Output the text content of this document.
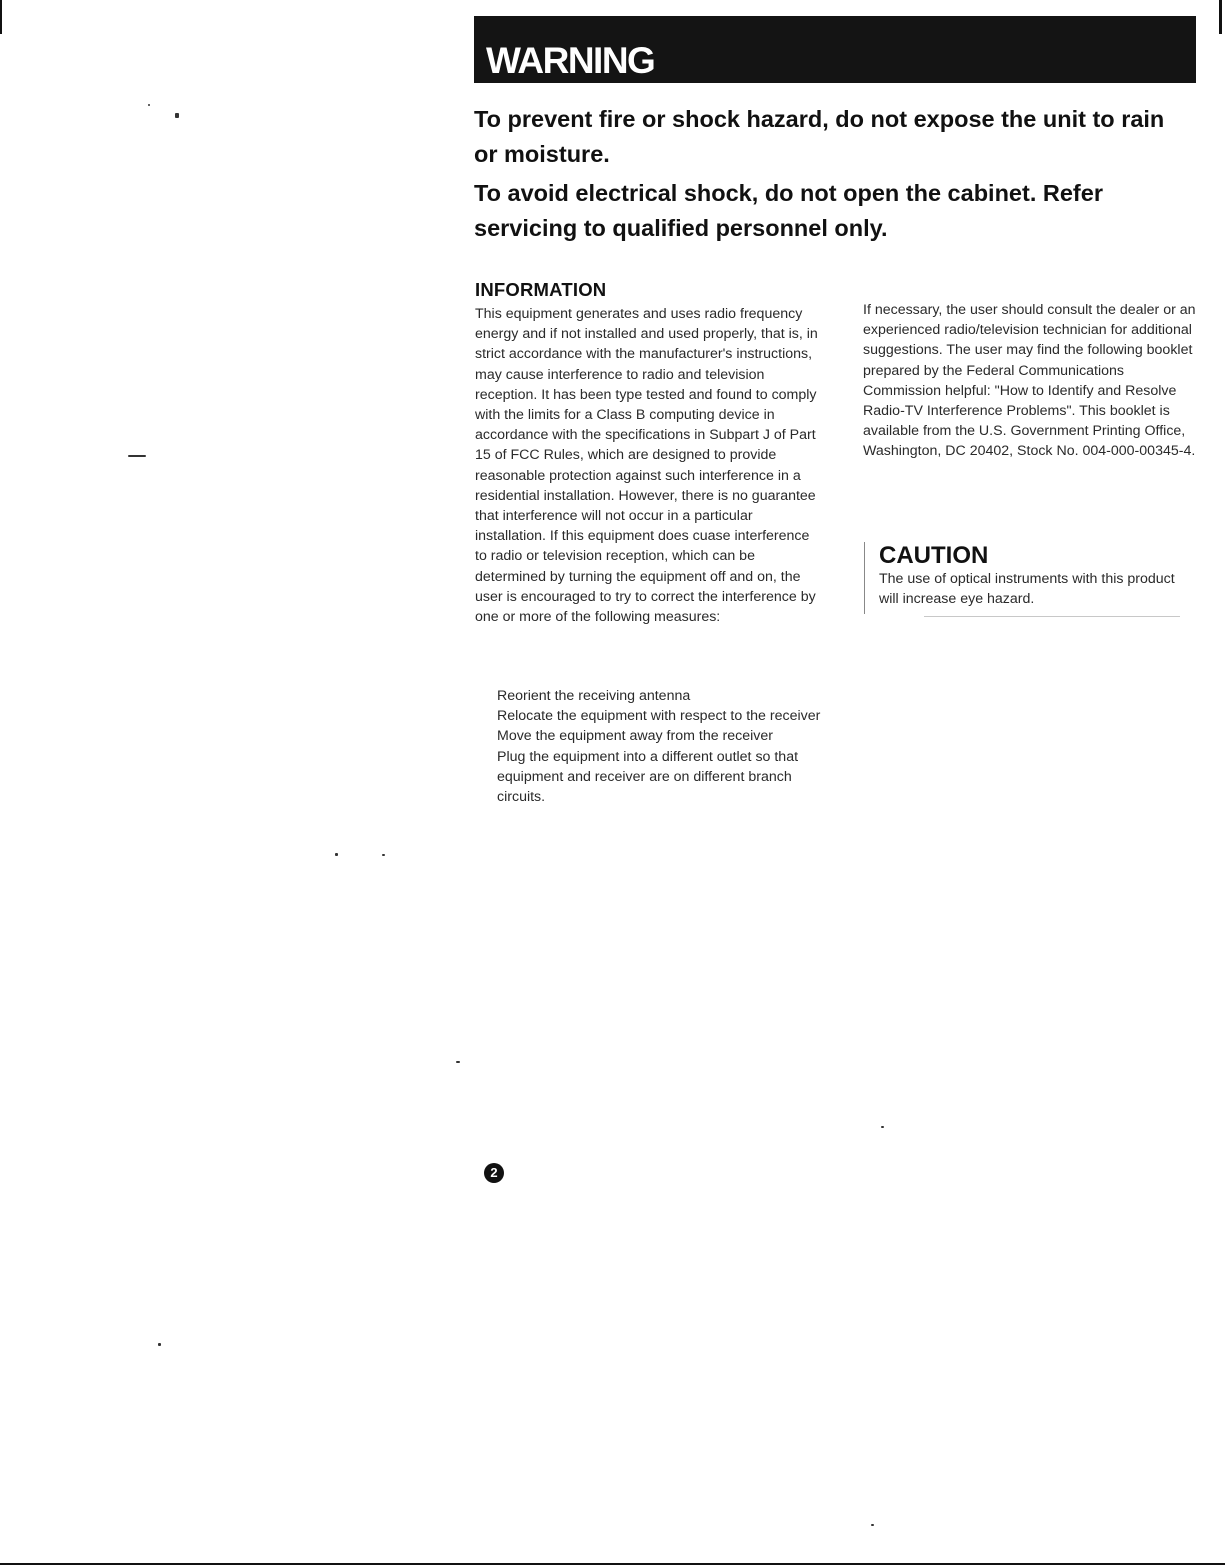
WARNING

To prevent fire or shock hazard, do not expose the unit to rain or moisture.

To avoid electrical shock, do not open the cabinet. Refer servicing to qualified personnel only.

INFORMATION

This equipment generates and uses radio frequency energy and if not installed and used properly, that is, in strict accordance with the manufacturer's instructions, may cause interference to radio and television reception. It has been type tested and found to comply with the limits for a Class B computing device in accordance with the specifications in Subpart J of Part 15 of FCC Rules, which are designed to provide reasonable protection against such interference in a residential installation. However, there is no guarantee that interference will not occur in a particular installation. If this equipment does cuase interference to radio or television reception, which can be determined by turning the equipment off and on, the user is encouraged to try to correct the interference by one or more of the following measures:

Reorient the receiving antenna
Relocate the equipment with respect to the receiver
Move the equipment away from the receiver
Plug the equipment into a different outlet so that equipment and receiver are on different branch circuits.

If necessary, the user should consult the dealer or an experienced radio/television technician for additional suggestions. The user may find the following booklet prepared by the Federal Communications Commission helpful: "How to Identify and Resolve Radio-TV Interference Problems". This booklet is available from the U.S. Government Printing Office, Washington, DC 20402, Stock No. 004-000-00345-4.

CAUTION

The use of optical instruments with this product will increase eye hazard.

2
